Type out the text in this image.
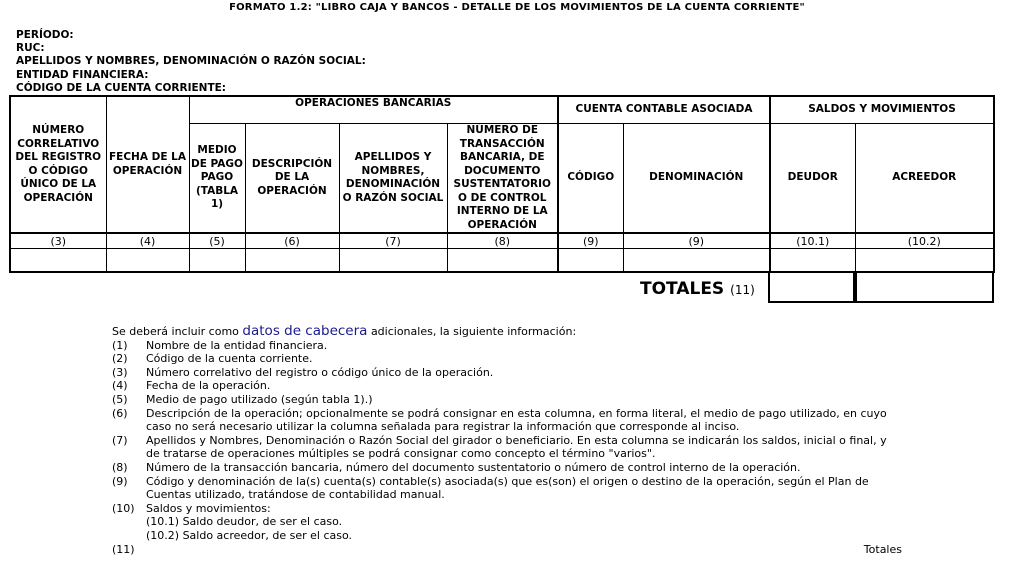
FORMATO 1.2: "LIBRO CAJA Y BANCOS - DETALLE DE LOS MOVIMIENTOS DE LA CUENTA CORRIENTE"
PERÍODO:
RUC:
APELLIDOS Y NOMBRES, DENOMINACIÓN O RAZÓN SOCIAL:
ENTIDAD FINANCIERA:
CÓDIGO DE LA CUENTA CORRIENTE:
NÚMERO CORRELATIVO DEL REGISTRO O CÓDIGO ÚNICO DE LA OPERACIÓN	FECHA DE LA OPERACIÓN	OPERACIONES BANCARIAS				CUENTA CONTABLE ASOCIADA		SALDOS Y MOVIMIENTOS	
		MEDIO DE PAGO PAGO (TABLA 1)	DESCRIPCIÓN DE LA OPERACIÓN	APELLIDOS Y NOMBRES, DENOMINACIÓN O RAZÓN SOCIAL	NÚMERO DE TRANSACCIÓN BANCARIA, DE DOCUMENTO SUSTENTATORIO O DE CONTROL INTERNO DE LA OPERACIÓN	CÓDIGO	DENOMINACIÓN	DEUDOR	ACREEDOR
(3)	(4)	(5)	(6)	(7)	(8)	(9)	(9)	(10.1)	(10.2)

TOTALES (11)
Se deberá incluir como datos de cabecera adicionales, la siguiente información:
(1)	Nombre de la entidad financiera.
(2)	Código de la cuenta corriente.
(3)	Número correlativo del registro o código único de la operación.
(4)	Fecha de la operación.
(5)	Medio de pago utilizado (según tabla 1).)
(6)	Descripción de la operación; opcionalmente se podrá consignar en esta columna, en forma literal, el medio de pago utilizado, en cuyo caso no será necesario utilizar la columna señalada para registrar la información que corresponde al inciso.
(7)	Apellidos y Nombres, Denominación o Razón Social del girador o beneficiario. En esta columna se indicarán los saldos, inicial o final, y de tratarse de operaciones múltiples se podrá consignar como concepto el término "varios".
(8)	Número de la transacción bancaria, número del documento sustentatorio o número de control interno de la operación.
(9)	Código y denominación de la(s) cuenta(s) contable(s) asociada(s) que es(son) el origen o destino de la operación, según el Plan de Cuentas utilizado, tratándose de contabilidad manual.
(10)	Saldos y movimientos:
(10.1) Saldo deudor, de ser el caso.
(10.2) Saldo acreedor, de ser el caso.
(11)	Totales
